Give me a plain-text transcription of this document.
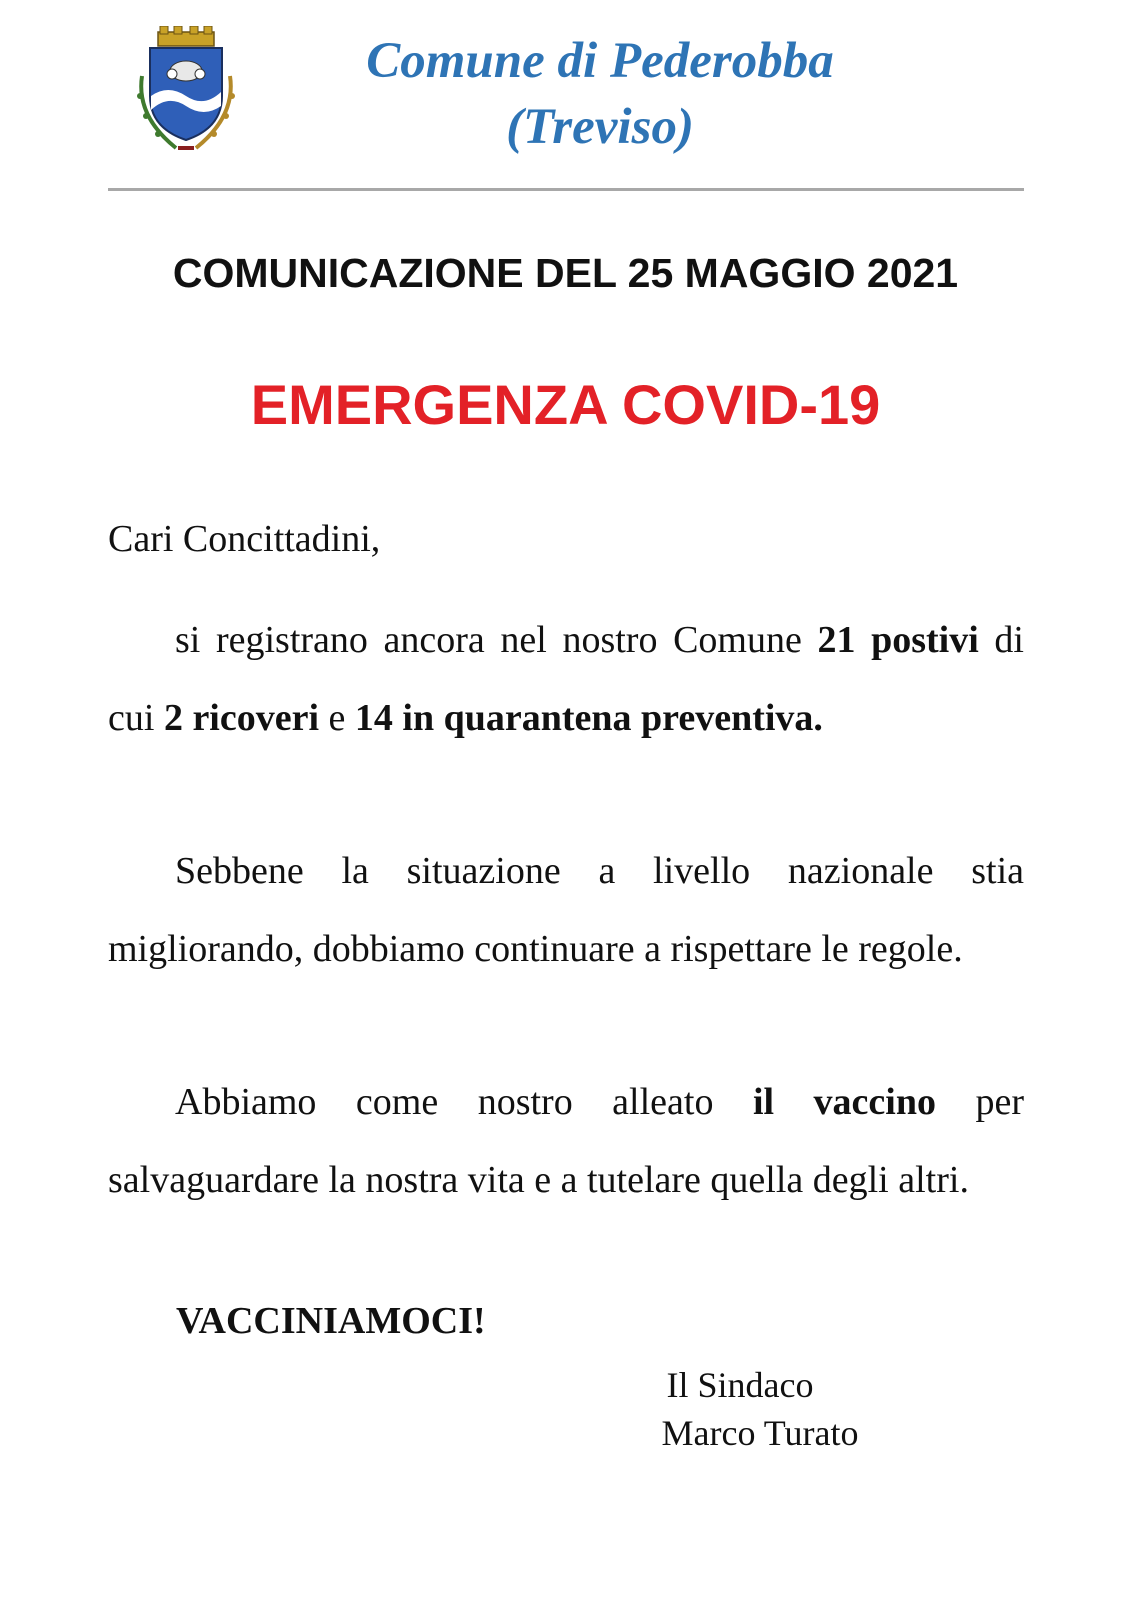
Comune di Pederobba
(Treviso)
COMUNICAZIONE DEL 25 MAGGIO 2021
EMERGENZA COVID-19
Cari Concittadini,
si registrano ancora nel nostro Comune 21 postivi di cui 2 ricoveri e 14 in quarantena preventiva.
Sebbene la situazione a livello nazionale stia migliorando, dobbiamo continuare a rispettare le regole.
Abbiamo come nostro alleato il vaccino per salvaguardare la nostra vita e a tutelare quella degli altri.
VACCINIAMOCI!
Il Sindaco
Marco Turato
